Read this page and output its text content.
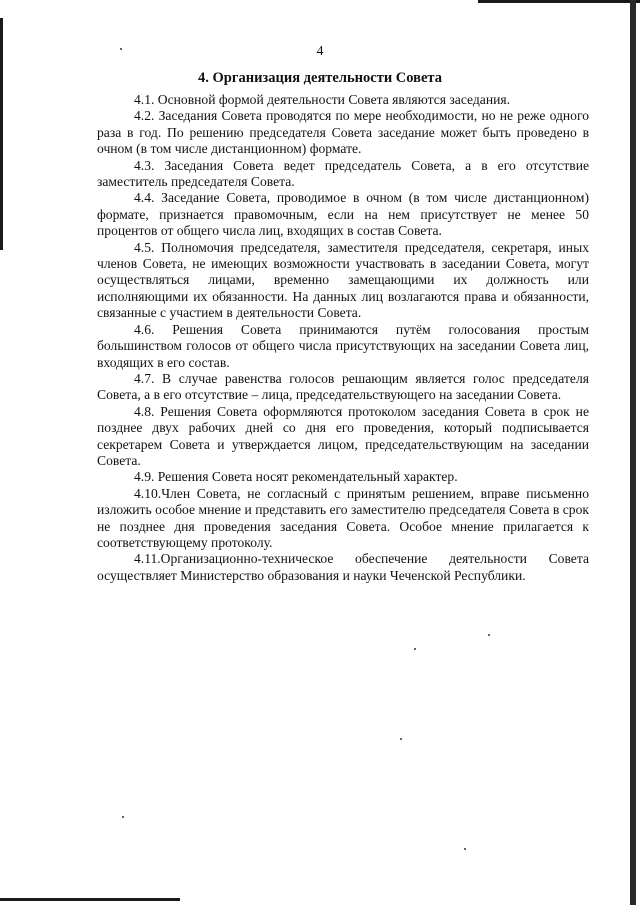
4
4. Организация деятельности Совета

4.1. Основной формой деятельности Совета являются заседания.

4.2. Заседания Совета проводятся по мере необходимости, но не реже одного раза в год. По решению председателя Совета заседание может быть проведено в очном (в том числе дистанционном) формате.

4.3. Заседания Совета ведет председатель Совета, а в его отсутствие заместитель председателя Совета.

4.4. Заседание Совета, проводимое в очном (в том числе дистанционном) формате, признается правомочным, если на нем присутствует не менее 50 процентов от общего числа лиц, входящих в состав Совета.

4.5. Полномочия председателя, заместителя председателя, секретаря, иных членов Совета, не имеющих возможности участвовать в заседании Совета, могут осуществляться лицами, временно замещающими их должность или исполняющими их обязанности. На данных лиц возлагаются права и обязанности, связанные с участием в деятельности Совета.

4.6. Решения Совета принимаются путём голосования простым большинством голосов от общего числа присутствующих на заседании Совета лиц, входящих в его состав.

4.7. В случае равенства голосов решающим является голос председателя Совета, а в его отсутствие – лица, председательствующего на заседании Совета.

4.8. Решения Совета оформляются протоколом заседания Совета в срок не позднее двух рабочих дней со дня его проведения, который подписывается секретарем Совета и утверждается лицом, председательствующим на заседании Совета.

4.9. Решения Совета носят рекомендательный характер.

4.10.Член Совета, не согласный с принятым решением, вправе письменно изложить особое мнение и представить его заместителю председателя Совета в срок не позднее дня проведения заседания Совета. Особое мнение прилагается к соответствующему протоколу.

4.11.Организационно-техническое обеспечение деятельности Совета осуществляет Министерство образования и науки Чеченской Республики.
